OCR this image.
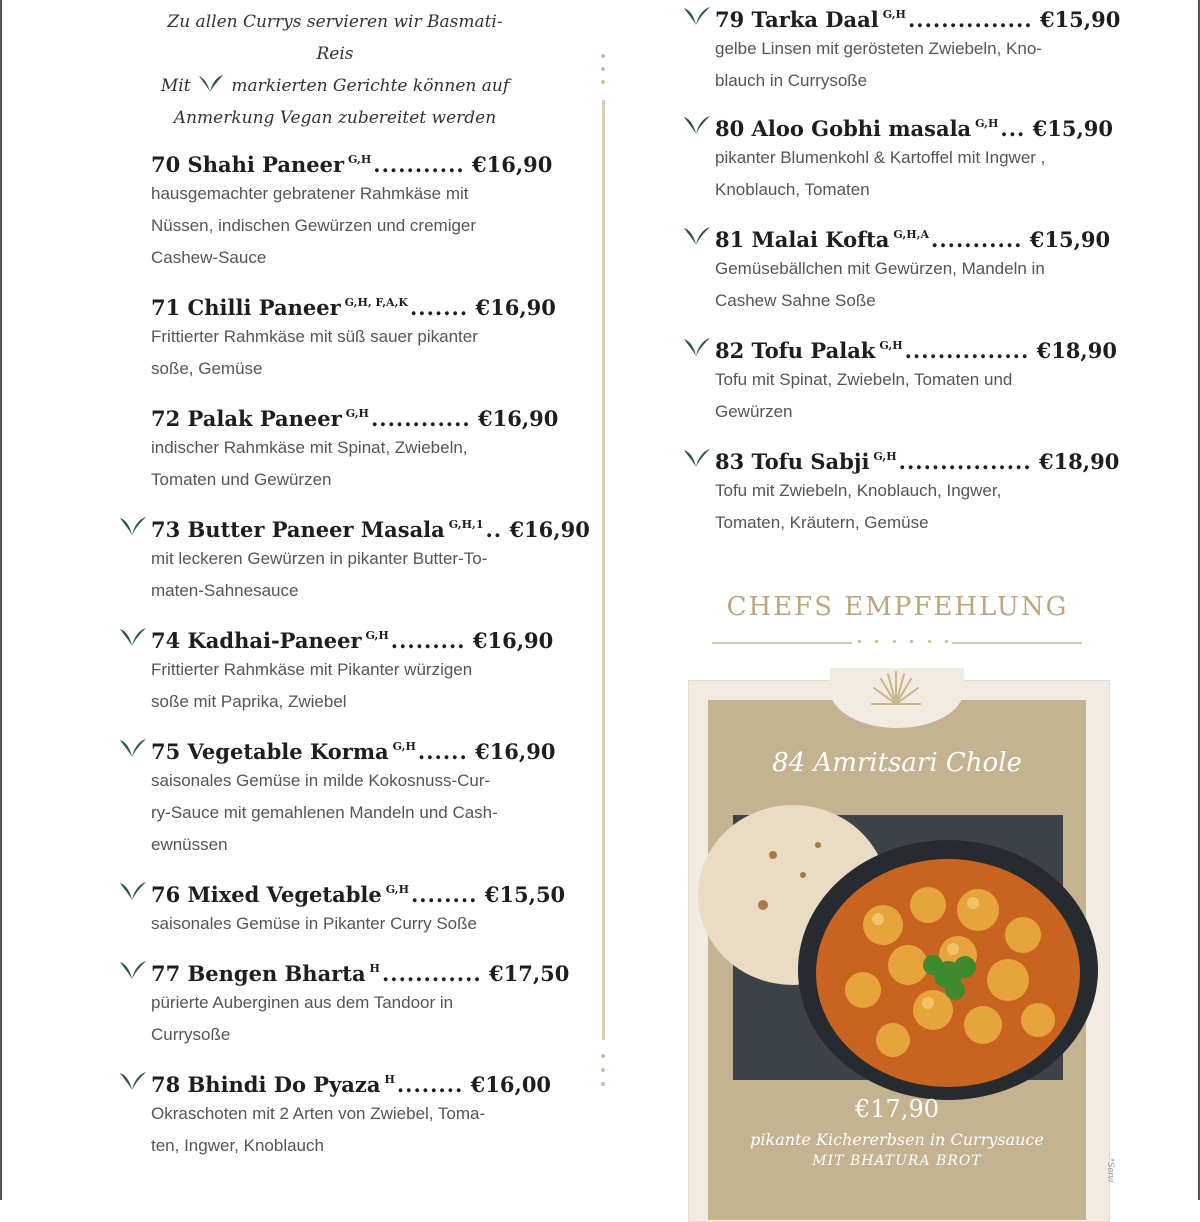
Zu allen Currys servieren wir Basmati-Reis
Mit markierten Gerichte können auf
Anmerkung Vegan zubereitet werden
70 Shahi Paneer $^{G,H}$........... €16,90
hausgemachter gebratener Rahmkäse mit
Nüssen, indischen Gewürzen und cremiger
Cashew-Sauce
71 Chilli Paneer $^{G,H, F,A,K}$....... €16,90
Frittierter Rahmkäse mit süß sauer pikanter
soße, Gemüse
72 Palak Paneer $^{G,H}$............ €16,90
indischer Rahmkäse mit Spinat, Zwiebeln,
Tomaten und Gewürzen
73 Butter Paneer Masala $^{G,H,1}$.. €16,90
mit leckeren Gewürzen in pikanter Butter-To-
maten-Sahnesauce
74 Kadhai-Paneer $^{G,H}$......... €16,90
Frittierter Rahmkäse mit Pikanter würzigen
soße mit Paprika, Zwiebel
75 Vegetable Korma $^{G,H}$...... €16,90
saisonales Gemüse in milde Kokosnuss-Cur-
ry-Sauce mit gemahlenen Mandeln und Cash-
ewnüssen
76 Mixed Vegetable $^{G,H}$........ €15,50
saisonales Gemüse in Pikanter Curry Soße
77 Bengen Bharta $^H$............ €17,50
pürierte Auberginen aus dem Tandoor in
Currysoße
78 Bhindi Do Pyaza $^H$........ €16,00
Okraschoten mit 2 Arten von Zwiebel, Toma-
ten, Ingwer, Knoblauch
79 Tarka Daal $^{G,H}$............... €15,90
gelbe Linsen mit gerösteten Zwiebeln, Kno-
blauch in Currysoße
80 Aloo Gobhi masala $^{G,H}$... €15,90
pikanter Blumenkohl & Kartoffel mit Ingwer ,
Knoblauch, Tomaten
81 Malai Kofta $^{G,H,A}$........... €15,90
Gemüsebällchen mit Gewürzen, Mandeln in
Cashew Sahne Soße
82 Tofu Palak $^{G,H}$............... €18,90
Tofu mit Spinat, Zwiebeln, Tomaten und
Gewürzen
83 Tofu Sabji $^{G,H}$................ €18,90
Tofu mit Zwiebeln, Knoblauch, Ingwer,
Tomaten, Kräutern, Gemüse
CHEFS EMPFEHLUNG
84 Amritsari Chole
€17,90
pikante Kichererbsen in Currysauce
MIT BHATURA BROT	*Servi
